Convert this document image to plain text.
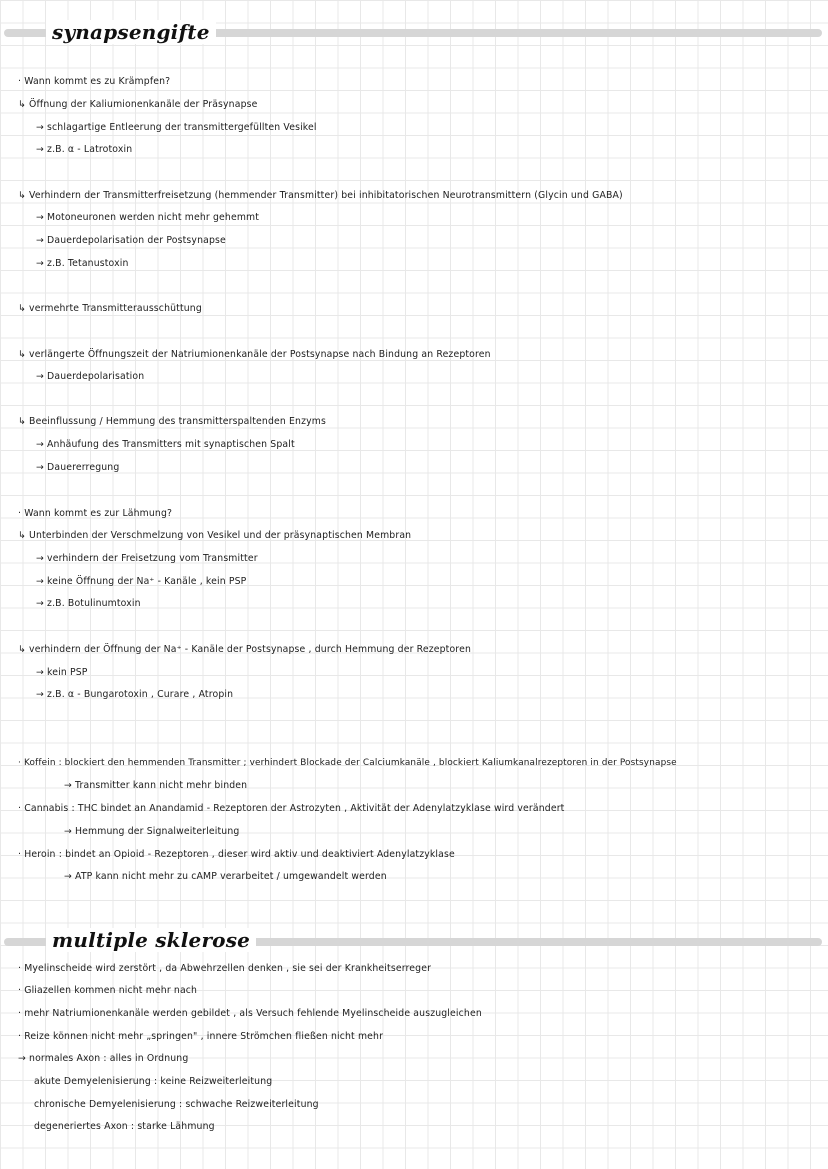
synapsengifte
· Wann kommt es zu Krämpfen?
↳ Öffnung der Kaliumionenkanäle der Präsynapse
→ schlagartige Entleerung der transmittergefüllten Vesikel
→ z.B. α - Latrotoxin
↳ Verhindern der Transmitterfreisetzung (hemmender Transmitter) bei inhibitatorischen Neurotransmittern (Glycin und GABA)
→ Motoneuronen werden nicht mehr gehemmt
→ Dauerdepolarisation der Postsynapse
→ z.B. Tetanustoxin
↳ vermehrte Transmitterausschüttung
↳ verlängerte Öffnungszeit der Natriumionenkanäle der Postsynapse nach Bindung an Rezeptoren
→ Dauerdepolarisation
↳ Beeinflussung / Hemmung des transmitterspaltenden Enzyms
→ Anhäufung des Transmitters mit synaptischen Spalt
→ Dauererregung
· Wann kommt es zur Lähmung?
↳ Unterbinden der Verschmelzung von Vesikel und der präsynaptischen Membran
→ verhindern der Freisetzung vom Transmitter
→ keine Öffnung der Na⁺ - Kanäle , kein PSP
→ z.B. Botulinumtoxin
↳ verhindern der Öffnung der Na⁺ - Kanäle der Postsynapse , durch Hemmung der Rezeptoren
→ kein PSP
→ z.B. α - Bungarotoxin , Curare , Atropin
· Koffein : blockiert den hemmenden Transmitter ; verhindert Blockade der Calciumkanäle , blockiert Kaliumkanalrezeptoren in der Postsynapse
→ Transmitter kann nicht mehr binden
· Cannabis : THC bindet an Anandamid - Rezeptoren der Astrozyten , Aktivität der Adenylatzyklase wird verändert
→ Hemmung der Signalweiterleitung
· Heroin : bindet an Opioid - Rezeptoren , dieser wird aktiv und deaktiviert Adenylatzyklase
→ ATP kann nicht mehr zu cAMP verarbeitet / umgewandelt werden
multiple sklerose
· Myelinscheide wird zerstört , da Abwehrzellen denken , sie sei der Krankheitserreger
· Gliazellen kommen nicht mehr nach
· mehr Natriumionenkanäle werden gebildet , als Versuch fehlende Myelinscheide auszugleichen
· Reize können nicht mehr „springen" , innere Strömchen fließen nicht mehr
→ normales Axon : alles in Ordnung
akute Demyelenisierung : keine Reizweiterleitung
chronische Demyelenisierung : schwache Reizweiterleitung
degeneriertes Axon : starke Lähmung
